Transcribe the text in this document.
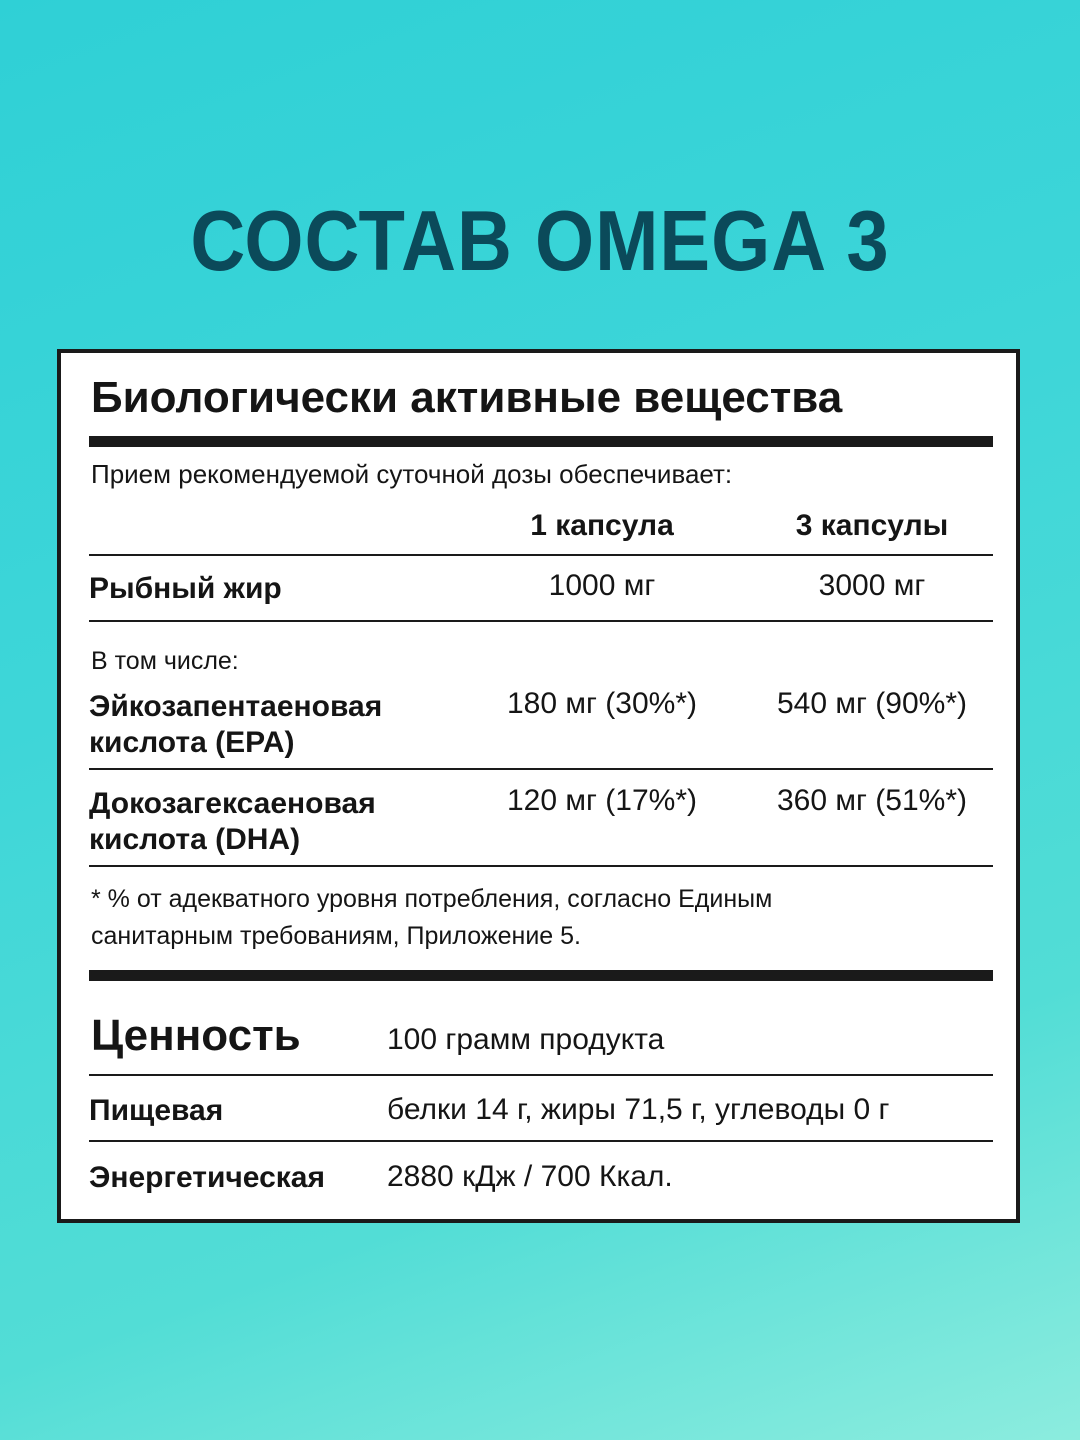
СОСТАВ OMEGA 3
Биологически активные вещества
Прием рекомендуемой суточной дозы обеспечивает:
1 капсула	3 капсулы
Рыбный жир	1000 мг	3000 мг
В том числе:
Эйкозапентаеновая
кислота (EPA)
180 мг (30%*)	540 мг (90%*)
Докозагексаеновая
кислота (DHA)
120 мг (17%*)	360 мг (51%*)
* % от адекватного уровня потребления, согласно Единым
санитарным требованиям, Приложение 5.
Ценность	100 грамм продукта
Пищевая	белки 14 г, жиры 71,5 г, углеводы 0 г
Энергетическая 2880 кДж / 700 Ккал.
